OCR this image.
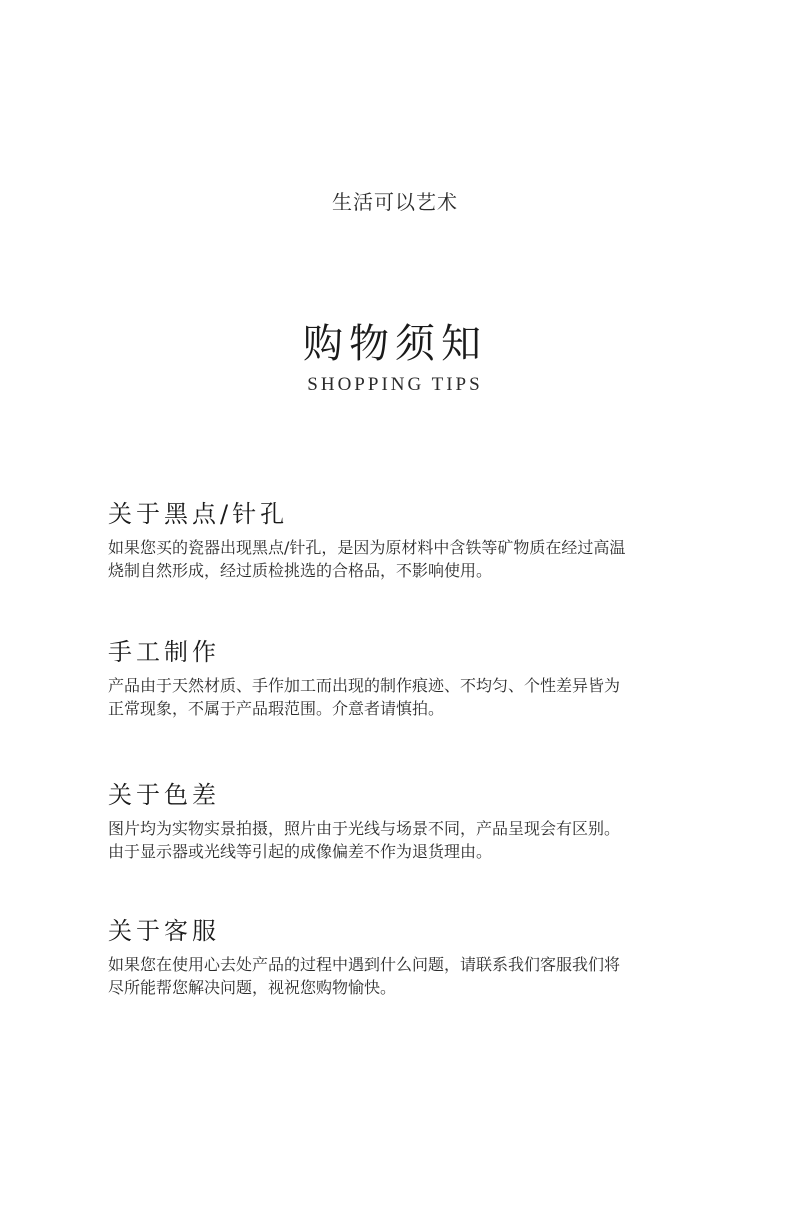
生活可以艺术
购物须知
SHOPPING TIPS
关于黑点/针孔
如果您买的瓷器出现黑点/针孔，是因为原材料中含铁等矿物质在经过高温
烧制自然形成，经过质检挑选的合格品，不影响使用。
手工制作
产品由于天然材质、手作加工而出现的制作痕迹、不均匀、个性差异皆为
正常现象，不属于产品瑕范围。介意者请慎拍。
关于色差
图片均为实物实景拍摄，照片由于光线与场景不同，产品呈现会有区别。
由于显示器或光线等引起的成像偏差不作为退货理由。
关于客服
如果您在使用心去处产品的过程中遇到什么问题，请联系我们客服我们将
尽所能帮您解决问题，视祝您购物愉快。
